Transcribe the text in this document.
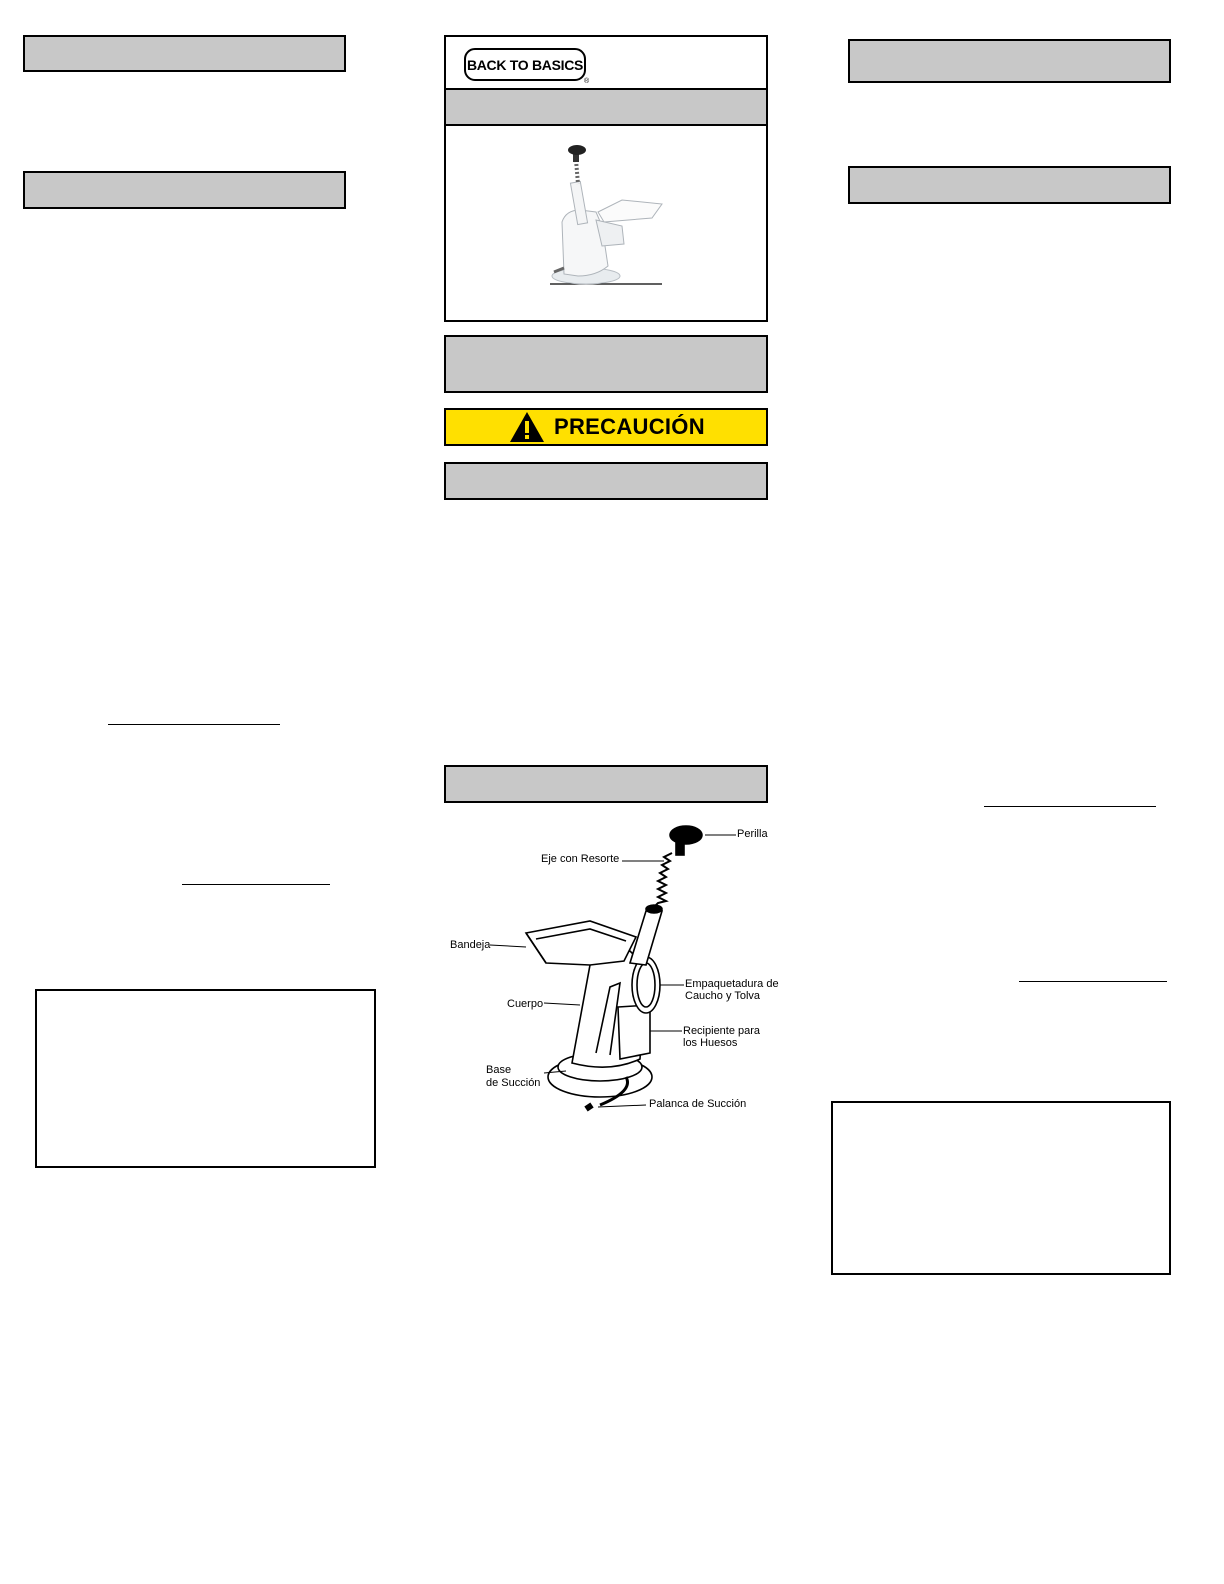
BACK TO BASICS
®
PRECAUCIÓN
Perilla
Eje con Resorte
Bandeja
Empaquetadura de
Caucho y Tolva
Cuerpo
Recipiente para
los Huesos
Base
de Succión
Palanca de Succión
